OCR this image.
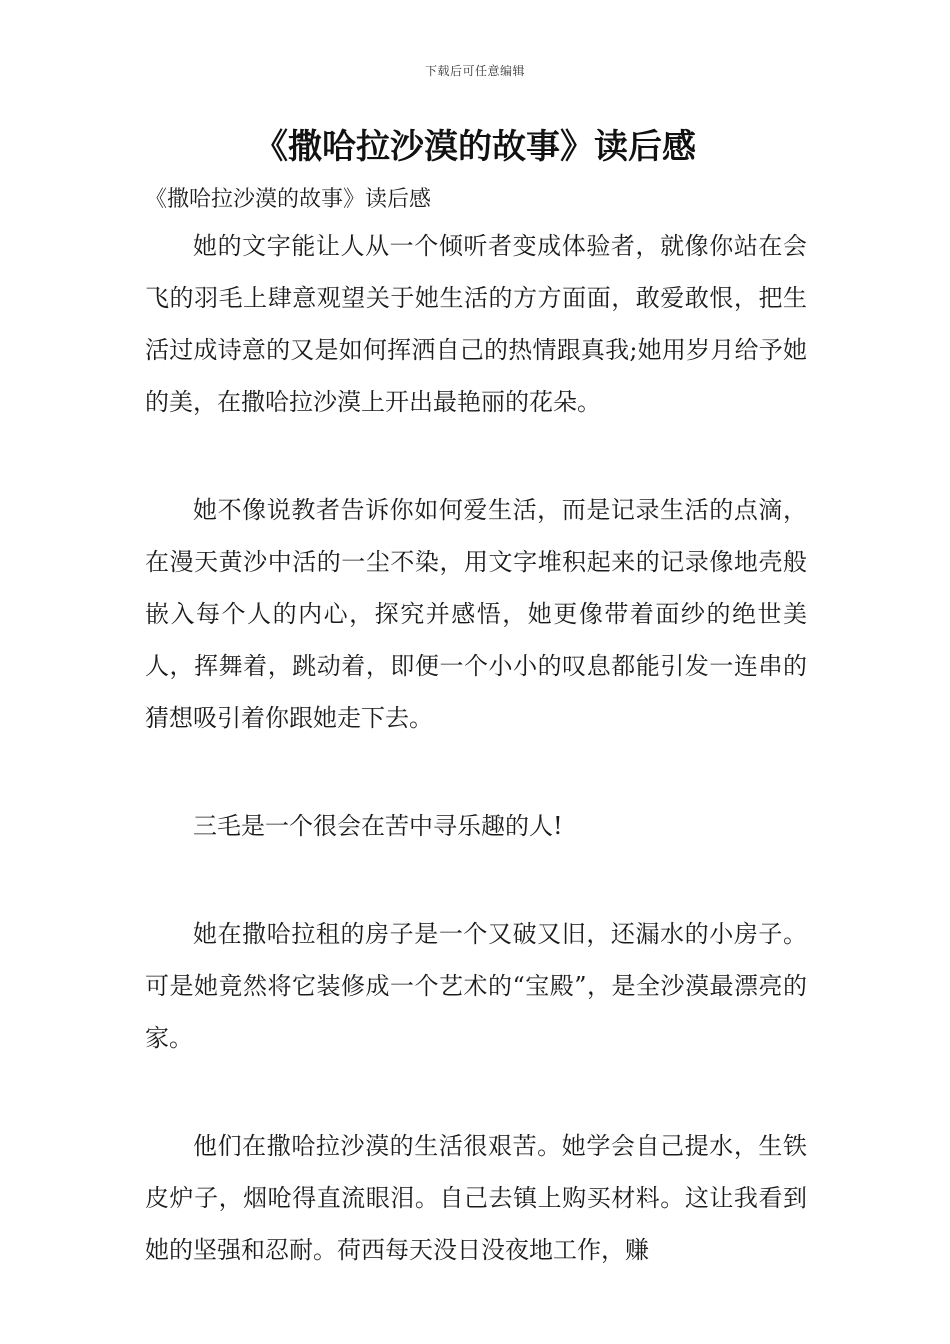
下载后可任意编辑
《撒哈拉沙漠的故事》读后感

《撒哈拉沙漠的故事》读后感

她的文字能让人从一个倾听者变成体验者，就像你站在会飞的羽毛上肆意观望关于她生活的方方面面，敢爱敢恨，把生活过成诗意的又是如何挥洒自己的热情跟真我;她用岁月给予她的美，在撒哈拉沙漠上开出最艳丽的花朵。

她不像说教者告诉你如何爱生活，而是记录生活的点滴，在漫天黄沙中活的一尘不染，用文字堆积起来的记录像地壳般嵌入每个人的内心，探究并感悟，她更像带着面纱的绝世美人，挥舞着，跳动着，即便一个小小的叹息都能引发一连串的猜想吸引着你跟她走下去。

三毛是一个很会在苦中寻乐趣的人!

她在撒哈拉租的房子是一个又破又旧，还漏水的小房子。可是她竟然将它装修成一个艺术的“宝殿”，是全沙漠最漂亮的家。

他们在撒哈拉沙漠的生活很艰苦。她学会自己提水，生铁皮炉子，烟呛得直流眼泪。自己去镇上购买材料。这让我看到她的坚强和忍耐。荷西每天没日没夜地工作，赚
